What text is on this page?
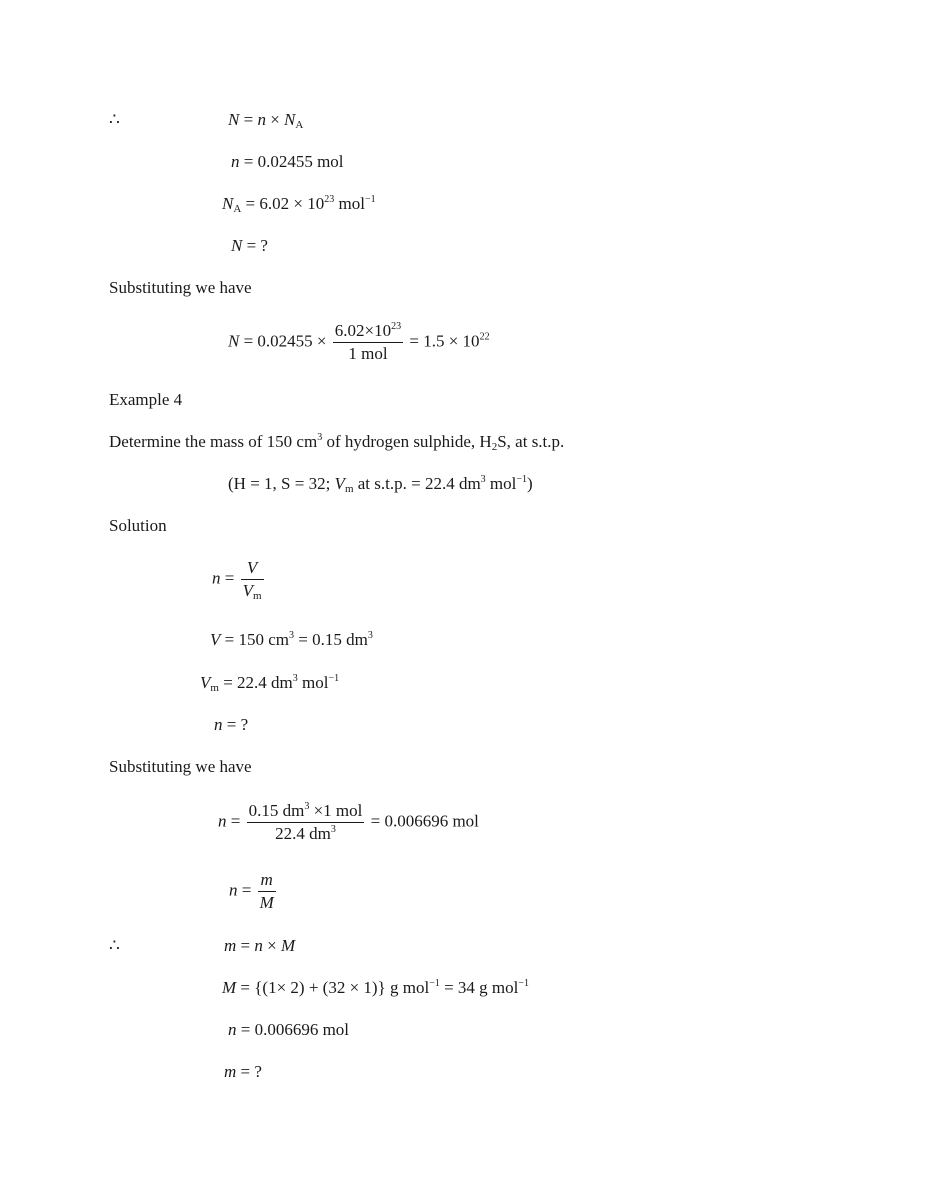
∴	$N = n \times N_A$
n = 0.02455 mol
$N_A = 6.02 \times 10^{23}$ mol$^{-1}$
N = ?
Substituting we have
$N = 0.02455 \times \frac{6.02\times 10^{23}}{\text{1 mol}} = 1.5 \times 10^{22}$
Example 4
Determine the mass of 150 $cm^3$ of hydrogen sulphide, $H_2S$, at s.t.p.
(H = 1, S = 32; $V_m$ at s.t.p. = 22.4 $dm^3$ mol$^{-1}$)
Solution
$n = \frac{V}{V_m}$
V = 150 $cm^3 = 0.15$ $dm^3$
$V_m = 22.4$ $dm^3$ mol$^{-1}$
n = ?
Substituting we have
$n = \frac{0.15 dm^3 \times 1 mol}{22.4 dm^3} = 0.006696$ mol
$n = \frac{m}{M}$
∴	m = n × M
M = {(1× 2) + (32 × 1)} g mol$^{-1}$ = 34 g mol$^{-1}$
n = 0.006696 mol
m = ?
